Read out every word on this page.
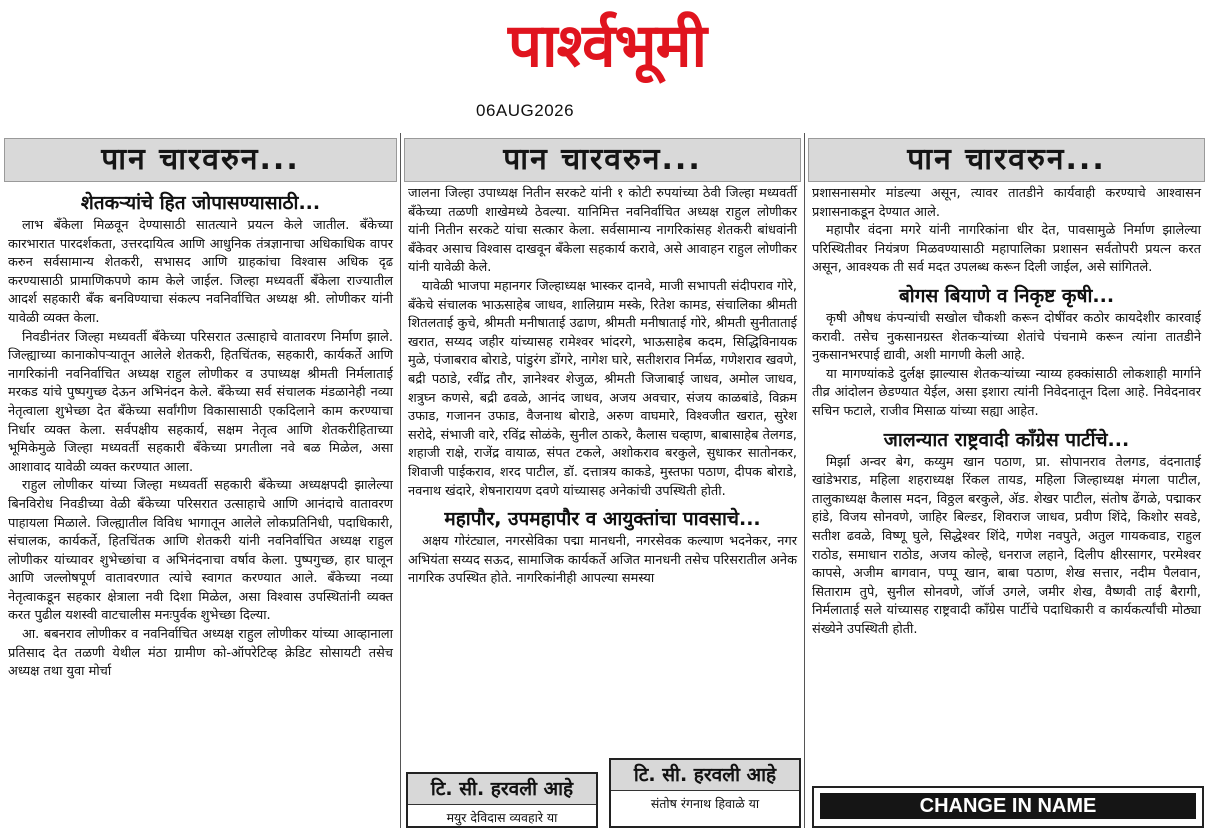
पार्श्वभूमी
06AUG2026
पान चारवरुन...
शेतकऱ्यांचे हित जोपासण्यासाठी...

लाभ बँकेला मिळवून देण्यासाठी सातत्याने प्रयत्न केले जातील. बँकेच्या कारभारात पारदर्शकता, उत्तरदायित्व आणि आधुनिक तंत्रज्ञानाचा अधिकाधिक वापर करुन सर्वसामान्य शेतकरी, सभासद आणि ग्राहकांचा विश्वास अधिक दृढ करण्यासाठी प्रामाणिकपणे काम केले जाईल. जिल्हा मध्यवर्ती बँकेला राज्यातील आदर्श सहकारी बँक बनविण्याचा संकल्प नवनिर्वाचित अध्यक्ष श्री. लोणीकर यांनी यावेळी व्यक्त केला.

निवडीनंतर जिल्हा मध्यवर्ती बँकेच्या परिसरात उत्साहाचे वातावरण निर्माण झाले. जिल्ह्याच्या कानाकोपऱ्यातून आलेले शेतकरी, हितचिंतक, सहकारी, कार्यकर्ते आणि नागरिकांनी नवनिर्वाचित अध्यक्ष राहुल लोणीकर व उपाध्यक्ष श्रीमती निर्मलाताई मरकड यांचे पुष्पगुच्छ देऊन अभिनंदन केले. बँकेच्या सर्व संचालक मंडळानेही नव्या नेतृत्वाला शुभेच्छा देत बँकेच्या सर्वांगीण विकासासाठी एकदिलाने काम करण्याचा निर्धार व्यक्त केला. सर्वपक्षीय सहकार्य, सक्षम नेतृत्व आणि शेतकरीहिताच्या भूमिकेमुळे जिल्हा मध्यवर्ती सहकारी बँकेच्या प्रगतीला नवे बळ मिळेल, असा आशावाद यावेळी व्यक्त करण्यात आला.

राहुल लोणीकर यांच्या जिल्हा मध्यवर्ती सहकारी बँकेच्या अध्यक्षपदी झालेल्या बिनविरोध निवडीच्या वेळी बँकेच्या परिसरात उत्साहाचे आणि आनंदाचे वातावरण पाहायला मिळाले. जिल्ह्यातील विविध भागातून आलेले लोकप्रतिनिधी, पदाधिकारी, संचालक, कार्यकर्ते, हितचिंतक आणि शेतकरी यांनी नवनिर्वाचित अध्यक्ष राहुल लोणीकर यांच्यावर शुभेच्छांचा व अभिनंदनाचा वर्षाव केला. पुष्पगुच्छ, हार घालून आणि जल्लोषपूर्ण वातावरणात त्यांचे स्वागत करण्यात आले. बँकेच्या नव्या नेतृत्वाकडून सहकार क्षेत्राला नवी दिशा मिळेल, असा विश्वास उपस्थितांनी व्यक्त करत पुढील यशस्वी वाटचालीस मनःपुर्वक शुभेच्छा दिल्या.

आ. बबनराव लोणीकर व नवनिर्वाचित अध्यक्ष राहुल लोणीकर यांच्या आव्हानाला प्रतिसाद देत तळणी येथील मंठा ग्रामीण को-ऑपरेटिव्ह क्रेडिट सोसायटी तसेच अध्यक्ष तथा युवा मोर्चा

पान चारवरुन...

जालना जिल्हा उपाध्यक्ष नितीन सरकटे यांनी १ कोटी रुपयांच्या ठेवी जिल्हा मध्यवर्ती बँकेच्या तळणी शाखेमध्ये ठेवल्या. यानिमित्त नवनिर्वाचित अध्यक्ष राहुल लोणीकर यांनी नितीन सरकटे यांचा सत्कार केला. सर्वसामान्य नागरिकांसह शेतकरी बांधवांनी बँकेवर असाच विश्वास दाखवून बँकेला सहकार्य करावे, असे आवाहन राहुल लोणीकर यांनी यावेळी केले.

यावेळी भाजपा महानगर जिल्हाध्यक्ष भास्कर दानवे, माजी सभापती संदीपराव गोरे, बँकेचे संचालक भाऊसाहेब जाधव, शालिग्राम मस्के, रितेश कामड, संचालिका श्रीमती शितलताई कुचे, श्रीमती मनीषाताई उढाण, श्रीमती मनीषाताई गोरे, श्रीमती सुनीताताई खरात, सय्यद जहीर यांच्यासह रामेश्वर भांदरगे, भाऊसाहेब कदम, सिद्धिविनायक मुळे, पंजाबराव बोराडे, पांडुरंग डोंगरे, नागेश घारे, सतीशराव निर्मळ, गणेशराव खवणे, बद्री पठाडे, रवींद्र तौर, ज्ञानेश्वर शेजुळ, श्रीमती जिजाबाई जाधव, अमोल जाधव, शत्रुघ्न कणसे, बद्री ढवळे, आनंद जाधव, अजय अवचार, संजय काळबांडे, विक्रम उफाड, गजानन उफाड, वैजनाथ बोराडे, अरुण वाघमारे, विश्वजीत खरात, सुरेश सरोदे, संभाजी वारे, रविंद्र सोळंके, सुनील ठाकरे, कैलास चव्हाण, बाबासाहेब तेलगड, शहाजी राक्षे, राजेंद्र वायाळ, संपत टकले, अशोकराव बरकुले, सुधाकर सातोनकर, शिवाजी पाईकराव, शरद पाटील, डॉ. दत्तात्रय काकडे, मुस्तफा पठाण, दीपक बोराडे, नवनाथ खंदारे, शेषनारायण दवणे यांच्यासह अनेकांची उपस्थिती होती.

महापौर, उपमहापौर व आयुक्तांचा पावसाचे...

अक्षय गोरंट्याल, नगरसेविका पद्मा मानधनी, नगरसेवक कल्याण भदनेकर, नगर अभियंता सय्यद सऊद, सामाजिक कार्यकर्ते अजित मानधनी तसेच परिसरातील अनेक नागरिक उपस्थित होते. नागरिकांनीही आपल्या समस्या

पान चारवरुन...

प्रशासनासमोर मांडल्या असून, त्यावर तातडीने कार्यवाही करण्याचे आश्वासन प्रशासनाकडून देण्यात आले.

महापौर वंदना मगरे यांनी नागरिकांना धीर देत, पावसामुळे निर्माण झालेल्या परिस्थितीवर नियंत्रण मिळवण्यासाठी महापालिका प्रशासन सर्वतोपरी प्रयत्न करत असून, आवश्यक ती सर्व मदत उपलब्ध करून दिली जाईल, असे सांगितले.

बोगस बियाणे व निकृष्ट कृषी...

कृषी औषध कंपन्यांची सखोल चौकशी करून दोषींवर कठोर कायदेशीर कारवाई करावी. तसेच नुकसानग्रस्त शेतकऱ्यांच्या शेतांचे पंचनामे करून त्यांना तातडीने नुकसानभरपाई द्यावी, अशी मागणी केली आहे.

या मागण्यांकडे दुर्लक्ष झाल्यास शेतकऱ्यांच्या न्याय्य हक्कांसाठी लोकशाही मार्गाने तीव्र आंदोलन छेडण्यात येईल, असा इशारा त्यांनी निवेदनातून दिला आहे. निवेदनावर सचिन फटाले, राजीव मिसाळ यांच्या सह्या आहेत.

जालन्यात राष्ट्रवादी काँग्रेस पार्टीचे...

मिर्झा अन्वर बेग, कय्युम खान पठाण, प्रा. सोपानराव तेलगड, वंदनाताई खांडेभराड, महिला शहराध्यक्ष रिंकल तायड, महिला जिल्हाध्यक्ष मंगला पाटील, तालुकाध्यक्ष कैलास मदन, विठ्ठल बरकुले, ॲड. शेखर पाटील, संतोष ढेंगळे, पद्माकर हांडे, विजय सोनवणे, जाहिर बिल्डर, शिवराज जाधव, प्रवीण शिंदे, किशोर सवडे, सतीश ढवळे, विष्णू घुले, सिद्धेश्वर शिंदे, गणेश नवपुते, अतुल गायकवाड, राहुल राठोड, समाधान राठोड, अजय कोल्हे, धनराज लहाने, दिलीप क्षीरसागर, परमेश्वर कापसे, अजीम बागवान, पप्पू खान, बाबा पठाण, शेख सत्तार, नदीम पैलवान, सिताराम तुपे, सुनील सोनवणे, जॉर्ज उगले, जमीर शेख, वैष्णवी ताई बैरागी, निर्मलाताई सले यांच्यासह राष्ट्रवादी काँग्रेस पार्टीचे पदाधिकारी व कार्यकर्त्यांची मोठ्या संख्येने उपस्थिती होती.

टि. सी. हरवली आहे
मयुर देविदास व्यवहारे या
टि. सी. हरवली आहे
संतोष रंगनाथ हिवाळे या	CHANGE IN NAME
